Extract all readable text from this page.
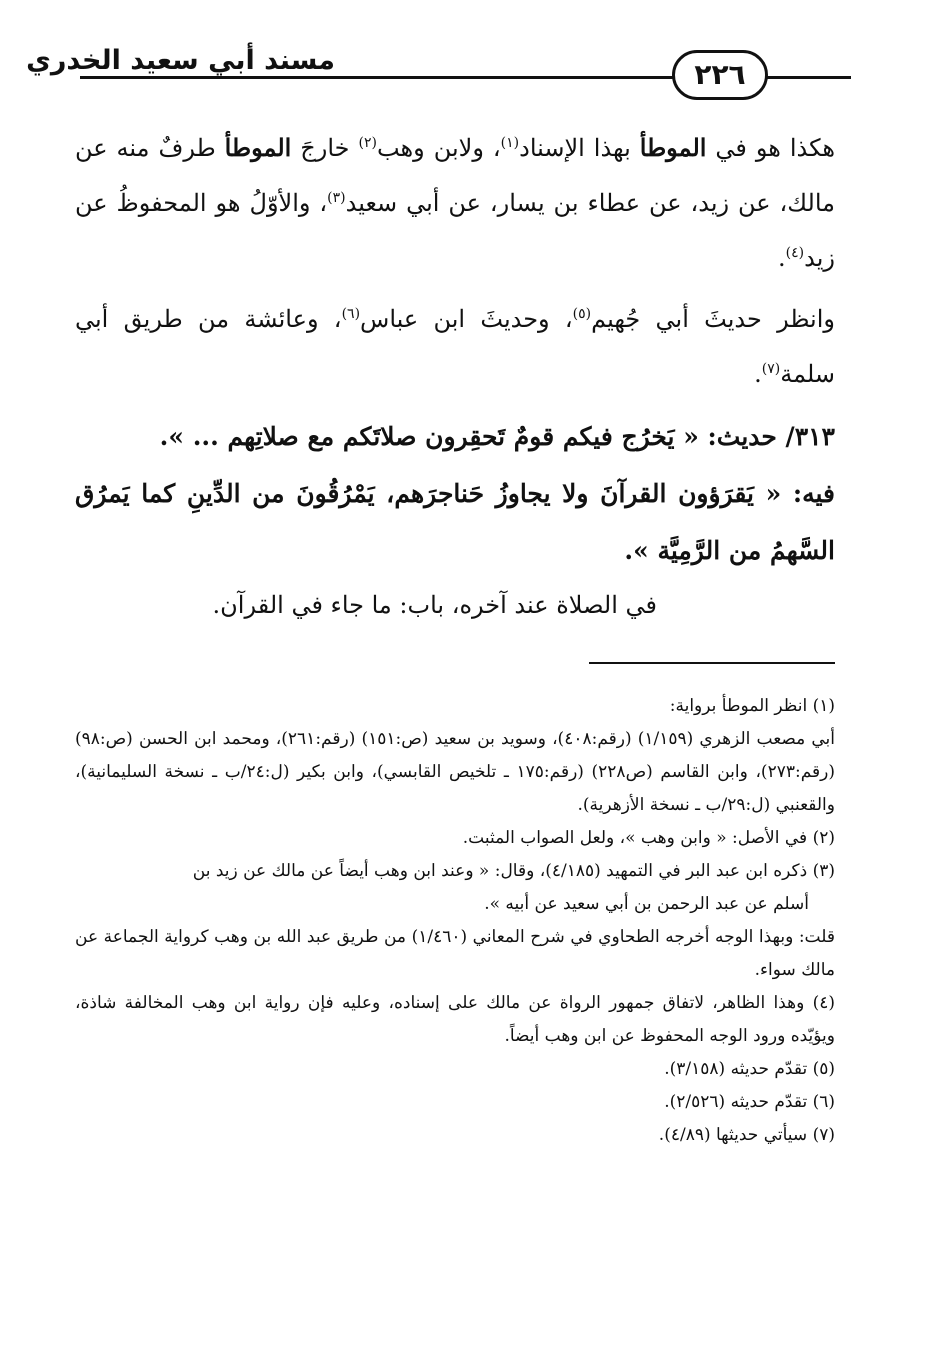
مسند أبي سعيد الخدري	٢٢٦

هكذا هو في الموطأ بهذا الإسناد$^{(١)}$، ولابن وهب$^{(٢)}$ خارجَ الموطأ طرفٌ منه عن مالك، عن زيد، عن عطاء بن يسار، عن أبي سعيد$^{(٣)}$، والأوّلُ هو المحفوظُ عن زيد$^{(٤)}$.

وانظر حديثَ أبي جُهيم$^{(٥)}$، وحديثَ ابن عباس$^{(٦)}$، وعائشة من طريق أبي سلمة$^{(٧)}$.

٣١٣/ حديث: « يَخرُج فيكم قومٌ تَحقِرون صلاتَكم مع صلاتِهم ... ».

فيه: « يَقرَؤون القرآنَ ولا يجاوزُ حَناجرَهم، يَمْرُقُونَ من الدِّينِ كما يَمرُق السَّهمُ من الرَّمِيَّة ».

في الصلاة عند آخره، باب: ما جاء في القرآن.

(١) انظر الموطأ برواية:

أبي مصعب الزهري (١/١٥٩) (رقم:٤٠٨)، وسويد بن سعيد (ص:١٥١) (رقم:٢٦١)، ومحمد ابن الحسن (ص:٩٨) (رقم:٢٧٣)، وابن القاسم (ص٢٢٨) (رقم:١٧٥ ـ تلخيص القابسي)، وابن بكير (ل:٢٤/ب ـ نسخة السليمانية)، والقعنبي (ل:٢٩/ب ـ نسخة الأزهرية).

(٢) في الأصل: « وابن وهب »، ولعل الصواب المثبت.

(٣) ذكره ابن عبد البر في التمهيد (٤/١٨٥)، وقال: « وعند ابن وهب أيضاً عن مالك عن زيد بن

أسلم عن عبد الرحمن بن أبي سعيد عن أبيه ».

قلت: وبهذا الوجه أخرجه الطحاوي في شرح المعاني (١/٤٦٠) من طريق عبد الله بن وهب كرواية الجماعة عن مالك سواء.

(٤) وهذا الظاهر، لاتفاق جمهور الرواة عن مالك على إسناده، وعليه فإن رواية ابن وهب المخالفة شاذة، ويؤيّده ورود الوجه المحفوظ عن ابن وهب أيضاً.

(٥) تقدّم حديثه (٣/١٥٨).

(٦) تقدّم حديثه (٢/٥٢٦).

(٧) سيأتي حديثها (٤/٨٩).
